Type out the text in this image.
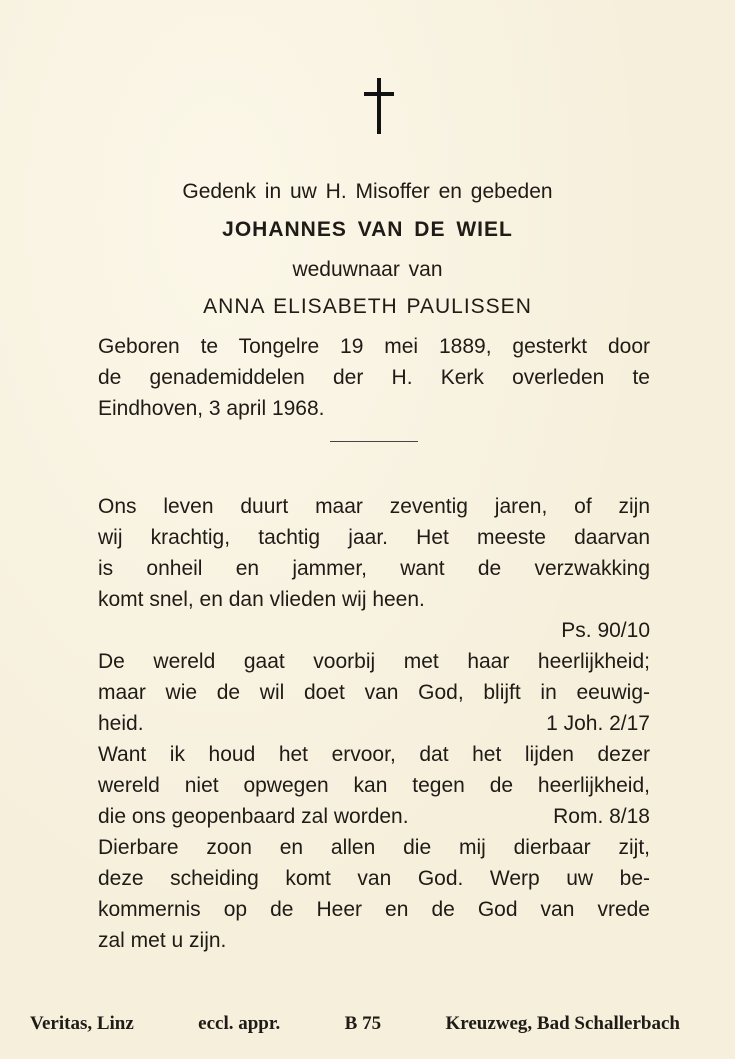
Gedenk in uw H. Misoffer en gebeden
JOHANNES VAN DE WIEL
weduwnaar van
ANNA ELISABETH PAULISSEN
Geboren te Tongelre 19 mei 1889, gesterkt door
de genademiddelen der H. Kerk overleden te
Eindhoven, 3 april 1968.
Ons leven duurt maar zeventig jaren, of zijn
wij krachtig, tachtig jaar. Het meeste daarvan
is onheil en jammer, want de verzwakking
komt snel, en dan vlieden wij heen.
Ps. 90/10
De wereld gaat voorbij met haar heerlijkheid;
maar wie de wil doet van God, blijft in eeuwig-
heid.	1 Joh. 2/17
Want ik houd het ervoor, dat het lijden dezer
wereld niet opwegen kan tegen de heerlijkheid,
die ons geopenbaard zal worden.	Rom. 8/18
Dierbare zoon en allen die mij dierbaar zijt,
deze scheiding komt van God. Werp uw be-
kommernis op de Heer en de God van vrede
zal met u zijn.
Veritas, Linz	eccl. appr.	B 75	Kreuzweg, Bad Schallerbach
